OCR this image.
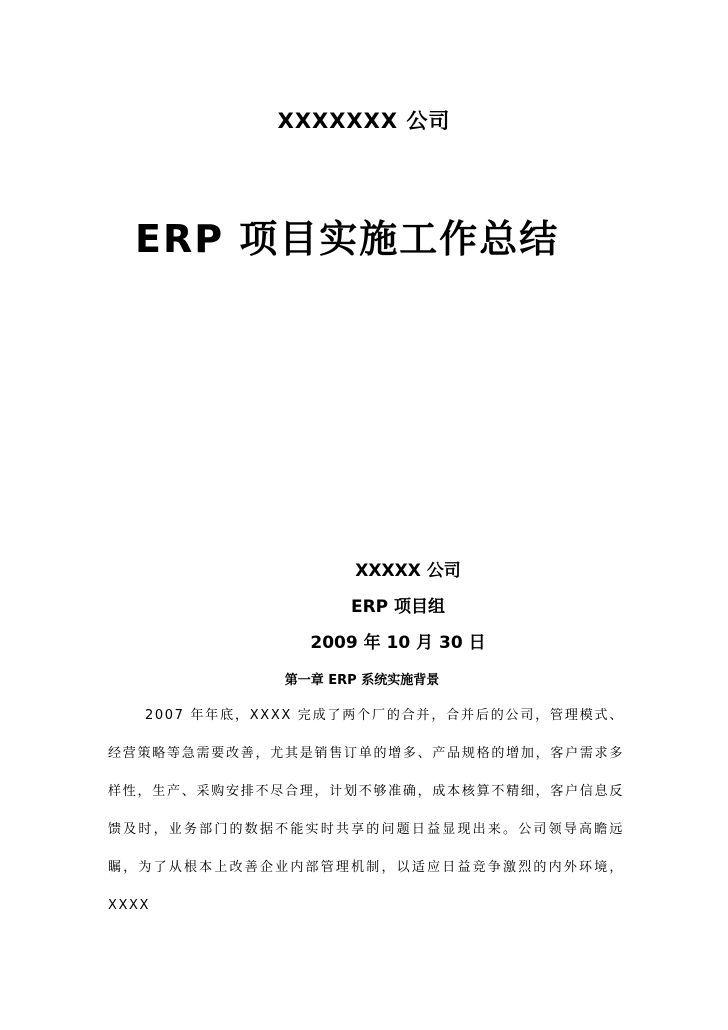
XXXXXXX 公司
ERP 项目实施工作总结
XXXXX 公司
ERP 项目组
2009 年 10 月 30 日
第一章 ERP 系统实施背景

2007 年年底，XXXX 完成了两个厂的合并，合并后的公司，管理模式、经营策略等急需要改善，尤其是销售订单的增多、产品规格的增加，客户需求多样性，生产、采购安排不尽合理，计划不够准确，成本核算不精细，客户信息反馈及时，业务部门的数据不能实时共享的问题日益显现出来。公司领导高瞻远瞩，为了从根本上改善企业内部管理机制，以适应日益竞争激烈的内外环境，XXXX
